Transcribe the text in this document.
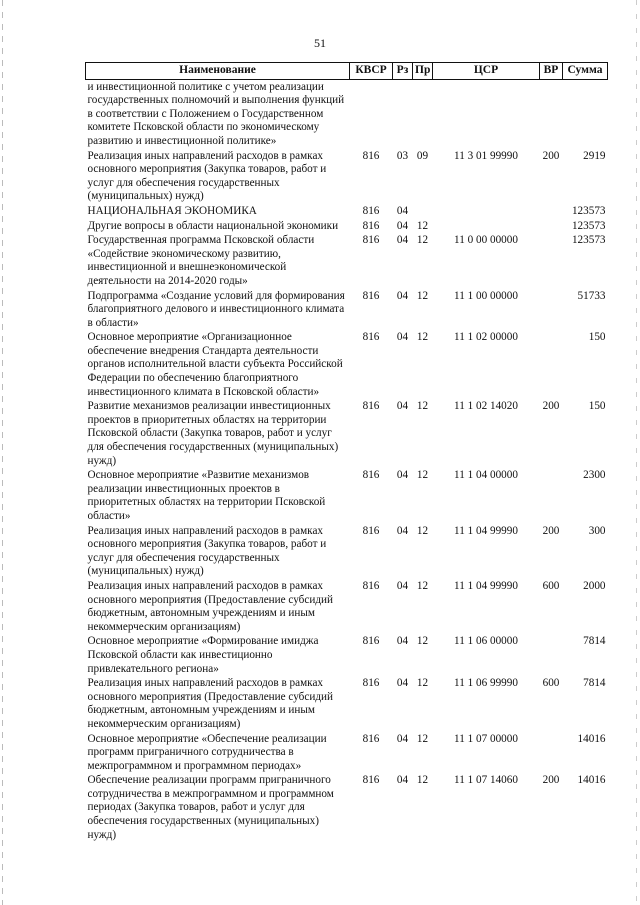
51
Наименование	КВСР	Рз	Пр	ЦСР	ВР	Сумма
и инвестиционной политике с учетом реализации государственных полномочий и выполнения функций в соответствии с Положением о Государственном комитете Псковской области по экономическому развитию и инвестиционной политике»						
Реализация иных направлений расходов в рамках основного мероприятия (Закупка товаров, работ и услуг для обеспечения государственных (муниципальных) нужд)	816	03	09	11 3 01 99990	200	2919
НАЦИОНАЛЬНАЯ ЭКОНОМИКА	816	04				123573
Другие вопросы в области национальной экономики	816	04	12			123573
Государственная программа Псковской области «Содействие экономическому развитию, инвестиционной и внешнеэкономической деятельности на 2014-2020 годы»	816	04	12	11 0 00 00000		123573
Подпрограмма «Создание условий для формирования благоприятного делового и инвестиционного климата в области»	816	04	12	11 1 00 00000		51733
Основное мероприятие «Организационное обеспечение внедрения Стандарта деятельности органов исполнительной власти субъекта Российской Федерации по обеспечению благоприятного инвестиционного климата в Псковской области»	816	04	12	11 1 02 00000		150
Развитие механизмов реализации инвестиционных проектов в приоритетных областях на территории Псковской области (Закупка товаров, работ и услуг для обеспечения государственных (муниципальных) нужд)	816	04	12	11 1 02 14020	200	150
Основное мероприятие «Развитие механизмов реализации инвестиционных проектов в приоритетных областях на территории Псковской области»	816	04	12	11 1 04 00000		2300
Реализация иных направлений расходов в рамках основного мероприятия (Закупка товаров, работ и услуг для обеспечения государственных (муниципальных) нужд)	816	04	12	11 1 04 99990	200	300
Реализация иных направлений расходов в рамках основного мероприятия (Предоставление субсидий бюджетным, автономным учреждениям и иным некоммерческим организациям)	816	04	12	11 1 04 99990	600	2000
Основное мероприятие «Формирование имиджа Псковской области как инвестиционно привлекательного региона»	816	04	12	11 1 06 00000		7814
Реализация иных направлений расходов в рамках основного мероприятия (Предоставление субсидий бюджетным, автономным учреждениям и иным некоммерческим организациям)	816	04	12	11 1 06 99990	600	7814
Основное мероприятие «Обеспечение реализации программ приграничного сотрудничества в межпрограммном и программном периодах»	816	04	12	11 1 07 00000		14016
Обеспечение реализации программ приграничного сотрудничества в межпрограммном и программном периодах (Закупка товаров, работ и услуг для обеспечения государственных (муниципальных) нужд)	816	04	12	11 1 07 14060	200	14016
